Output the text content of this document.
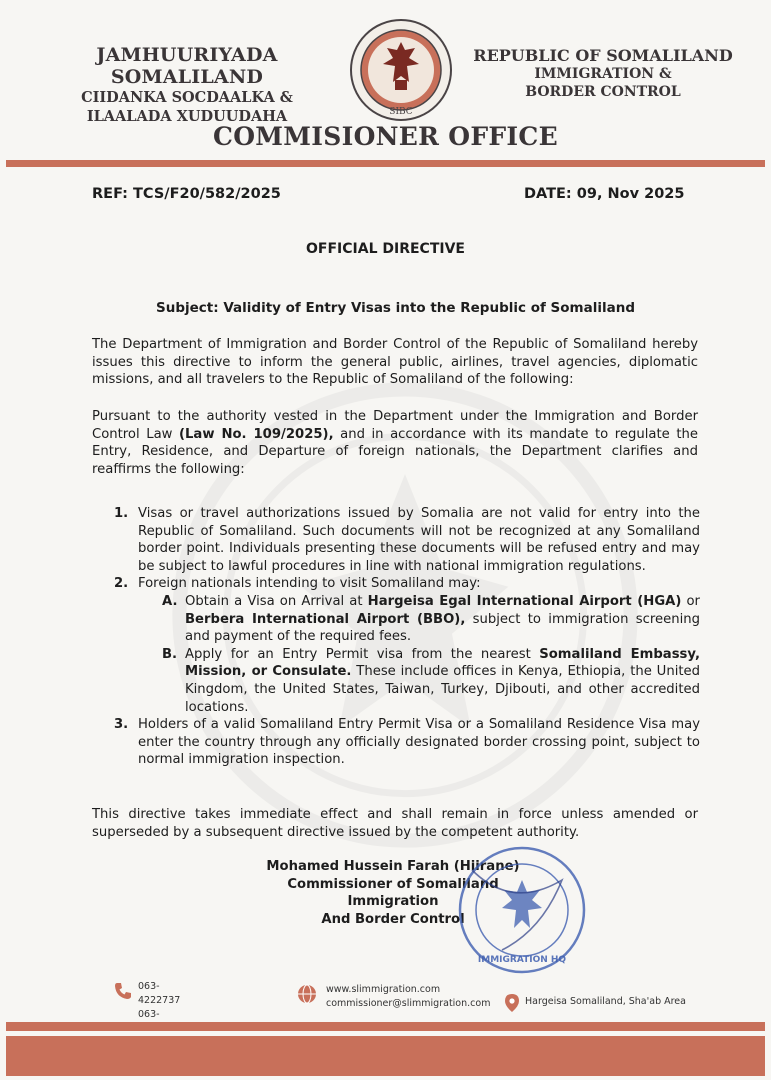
JAMHUURIYADA SOMALILAND
CIIDANKA SOCDAALKA &
ILAALADA XUDUUDAHA	SIBC
REPUBLIC OF SOMALILAND
IMMIGRATION &
BORDER CONTROL
COMMISIONER OFFICE
REF: TCS/F20/582/2025	DATE: 09, Nov 2025
OFFICIAL DIRECTIVE
Subject: Validity of Entry Visas into the Republic of Somaliland
The Department of Immigration and Border Control of the Republic of Somaliland hereby issues this directive to inform the general public, airlines, travel agencies, diplomatic missions, and all travelers to the Republic of Somaliland of the following:
Pursuant to the authority vested in the Department under the Immigration and Border Control Law (Law No. 109/2025), and in accordance with its mandate to regulate the Entry, Residence, and Departure of foreign nationals, the Department clarifies and reaffirms the following:
1. Visas or travel authorizations issued by Somalia are not valid for entry into the Republic of Somaliland. Such documents will not be recognized at any Somaliland border point. Individuals presenting these documents will be refused entry and may be subject to lawful procedures in line with national immigration regulations.
2. Foreign nationals intending to visit Somaliland may:
A. Obtain a Visa on Arrival at Hargeisa Egal International Airport (HGA) or Berbera International Airport (BBO), subject to immigration screening and payment of the required fees.
B. Apply for an Entry Permit visa from the nearest Somaliland Embassy, Mission, or Consulate. These include offices in Kenya, Ethiopia, the United Kingdom, the United States, Taiwan, Turkey, Djibouti, and other accredited locations.
3. Holders of a valid Somaliland Entry Permit Visa or a Somaliland Residence Visa may enter the country through any officially designated border crossing point, subject to normal immigration inspection.
This directive takes immediate effect and shall remain in force unless amended or superseded by a subsequent directive issued by the competent authority.
Mohamed Hussein Farah (Hiirane)
Commissioner of Somaliland Immigration
And Border Control
IMMIGRATION HQ
063-4222737
063-
www.slimmigration.com
commissioner@slimmigration.com	Hargeisa Somaliland, Sha'ab Area
